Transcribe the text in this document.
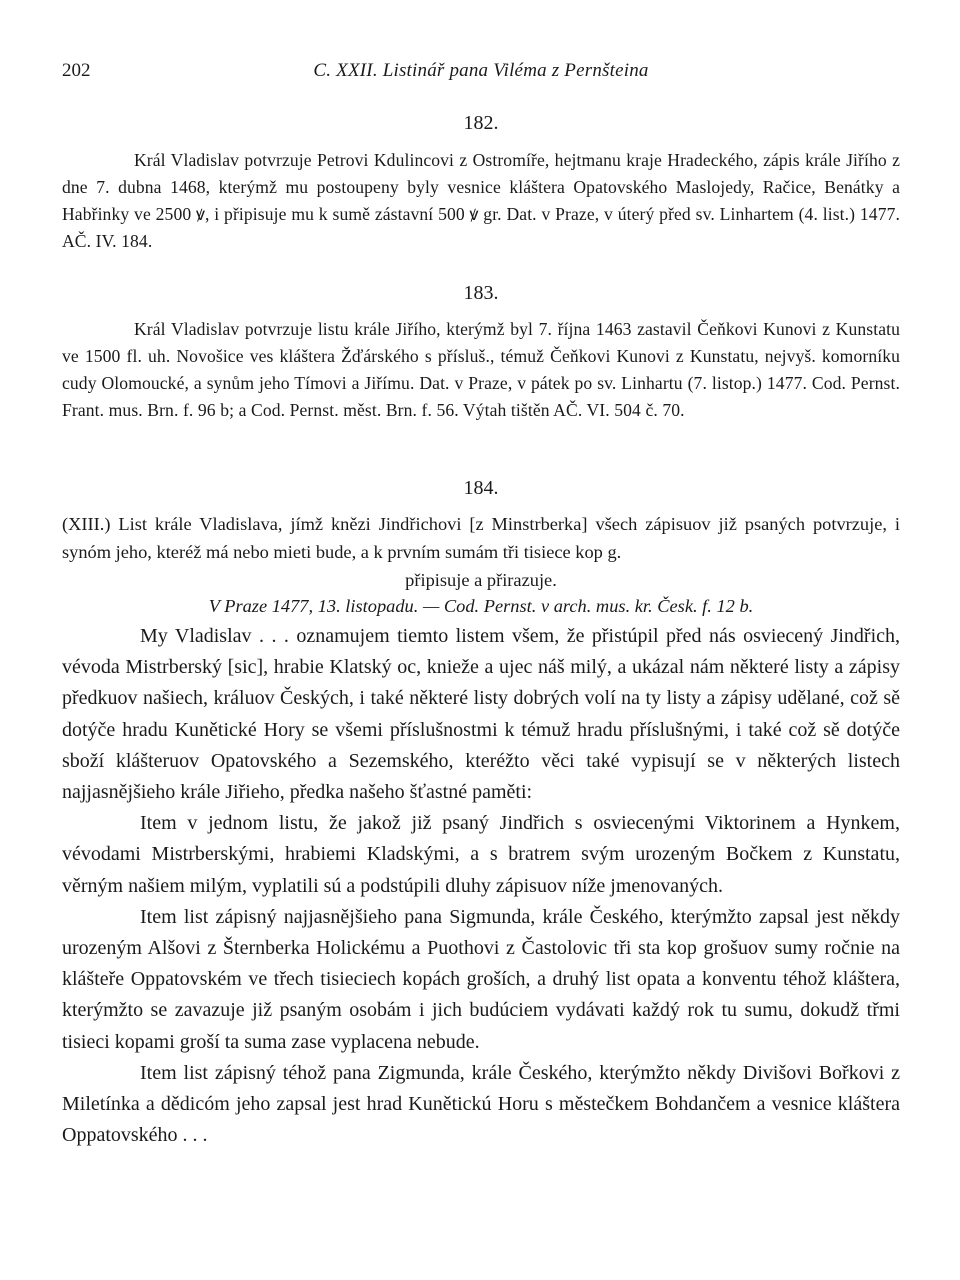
202	C. XXII. Listinář pana Viléma z Pernšteina
182.
Král Vladislav potvrzuje Petrovi Kdulincovi z Ostromíře, hejtmanu kraje Hradeckého, zápis krále Jiřího z dne 7. dubna 1468, kterýmž mu postoupeny byly vesnice kláštera Opatovského Maslojedy, Račice, Benátky a Habřinky ve 2500 ꝟ, i připisuje mu k sumě zástavní 500 ꝟ gr. Dat. v Praze, v úterý před sv. Linhartem (4. list.) 1477. AČ. IV. 184.
183.
Král Vladislav potvrzuje listu krále Jiřího, kterýmž byl 7. října 1463 zastavil Čeňkovi Kunovi z Kunstatu ve 1500 fl. uh. Novošice ves kláštera Žďárského s přísluš., témuž Čeňkovi Kunovi z Kunstatu, nejvyš. komorníku cudy Olomoucké, a synům jeho Tímovi a Jiřímu. Dat. v Praze, v pátek po sv. Linhartu (7. listop.) 1477. Cod. Pernst. Frant. mus. Brn. f. 96 b; a Cod. Pernst. měst. Brn. f. 56. Výtah tištěn AČ. VI. 504 č. 70.
184.
(XIII.) List krále Vladislava, jímž knězi Jindřichovi [z Minstrberka] všech zápisuov již psaných potvrzuje, i synóm jeho, kteréž má nebo mieti bude, a k prvním sumám tři tisiece kop g.
připisuje a přirazuje.
V Praze 1477, 13. listopadu. — Cod. Pernst. v arch. mus. kr. Česk. f. 12 b.

My Vladislav . . . oznamujem tiemto listem všem, že přistúpil před nás osviecený Jindřich, vévoda Mistrberský [sic], hrabie Klatský oc, knieže a ujec náš milý, a ukázal nám některé listy a zápisy předkuov našiech, králuov Českých, i také některé listy dobrých volí na ty listy a zápisy udělané, což sě dotýče hradu Kunětické Hory se všemi příslušnostmi k témuž hradu příslušnými, i také což sě dotýče sboží klášteruov Opatovského a Sezemského, kteréžto věci také vypisují se v některých listech najjasnějšieho krále Jiřieho, předka našeho šťastné paměti:

Item v jednom listu, že jakož již psaný Jindřich s osviecenými Viktorinem a Hynkem, vévodami Mistrberskými, hrabiemi Kladskými, a s bratrem svým urozeným Bočkem z Kunstatu, věrným našiem milým, vyplatili sú a podstúpili dluhy zápisuov níže jmenovaných.

Item list zápisný najjasnějšieho pana Sigmunda, krále Českého, kterýmžto zapsal jest někdy urozeným Alšovi z Šternberka Holickému a Puothovi z Častolovic tři sta kop grošuov sumy ročnie na klášteře Oppatovském ve třech tisieciech kopách groších, a druhý list opata a konventu téhož kláštera, kterýmžto se zavazuje již psaným osobám i jich budúciem vydávati každý rok tu sumu, dokudž třmi tisieci kopami groší ta suma zase vyplacena nebude.

Item list zápisný téhož pana Zigmunda, krále Českého, kterýmžto někdy Divišovi Bořkovi z Miletínka a dědicóm jeho zapsal jest hrad Kunětickú Horu s městečkem Bohdančem a vesnice kláštera Oppatovského . . .
